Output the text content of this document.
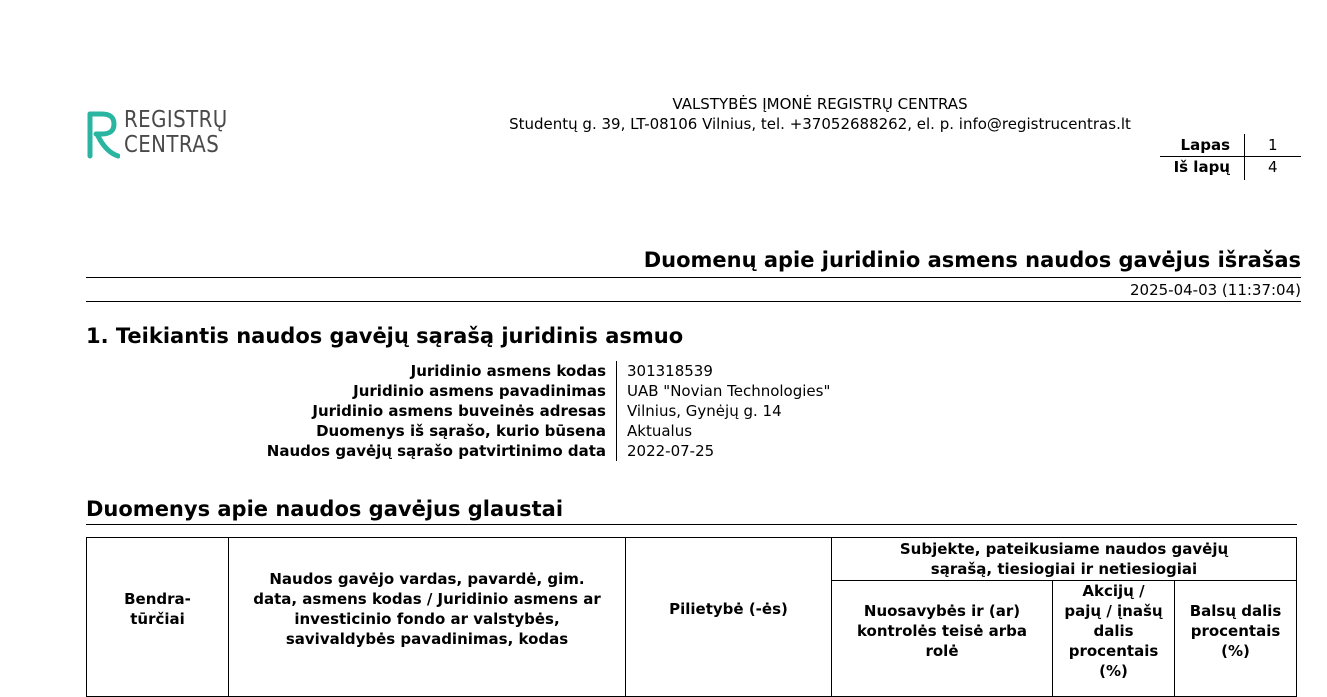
REGISTRŲ
CENTRAS
VALSTYBĖS ĮMONĖ REGISTRŲ CENTRAS
Studentų g. 39, LT-08106 Vilnius, tel. +37052688262, el. p. info@registrucentras.lt
Lapas	1
Iš lapų	4
Duomenų apie juridinio asmens naudos gavėjus išrašas
2025-04-03 (11:37:04)
1. Teikiantis naudos gavėjų sąrašą juridinis asmuo
Juridinio asmens kodas 301318539
Juridinio asmens pavadinimas UAB "Novian Technologies"
Juridinio asmens buveinės adresas Vilnius, Gynėjų g. 14
Duomenys iš sąrašo, kurio būsena Aktualus
Naudos gavėjų sąrašo patvirtinimo data 2022-07-25
Duomenys apie naudos gavėjus glaustai
Bendra-
tūrčiai
Naudos gavėjo vardas, pavardė, gim. data, asmens kodas / Juridinio asmens ar investicinio fondo ar valstybės, savivaldybės pavadinimas, kodas
Pilietybė (-ės)
Subjekte, pateikusiame naudos gavėjų sąrašą, tiesiogiai ir netiesiogiai
Nuosavybės ir (ar) kontrolės teisė arba rolė
Akcijų / pajų / įnašų dalis procentais (%)
Balsų dalis procentais (%)
